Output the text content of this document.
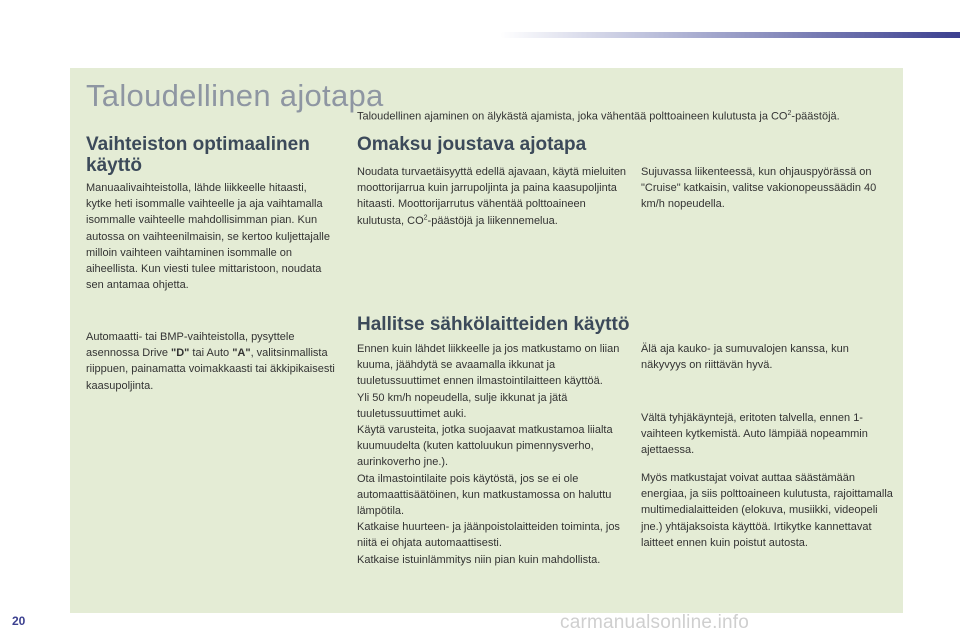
Taloudellinen ajotapa
Taloudellinen ajaminen on älykästä ajamista, joka vähentää polttoaineen kulutusta ja $CO^2$-päästöjä.
Vaihteiston optimaalinen käyttö
Manuaalivaihteistolla, lähde liikkeelle hitaasti, kytke heti isommalle vaihteelle ja aja vaihtamalla isommalle vaihteelle mahdollisimman pian. Kun autossa on vaihteenilmaisin, se kertoo kuljettajalle milloin vaihteen vaihtaminen isommalle on aiheellista. Kun viesti tulee mittaristoon, noudata sen antamaa ohjetta.
Automaatti- tai BMP-vaihteistolla, pysyttele asennossa Drive "D" tai Auto "A", valitsinmallista riippuen, painamatta voimakkaasti tai äkkipikaisesti kaasupoljinta.
Omaksu joustava ajotapa
Noudata turvaetäisyyttä edellä ajavaan, käytä mieluiten moottorijarrua kuin jarrupoljinta ja paina kaasupoljinta hitaasti. Moottorijarrutus vähentää polttoaineen kulutusta, $CO^2$-päästöjä ja liikennemelua.
Sujuvassa liikenteessä, kun ohjauspyörässä on "Cruise" katkaisin, valitse vakionopeussäädin 40 km/h nopeudella.
Hallitse sähkölaitteiden käyttö
Ennen kuin lähdet liikkeelle ja jos matkustamo on liian kuuma, jäähdytä se avaamalla ikkunat ja tuuletussuuttimet ennen ilmastointilaitteen käyttöä.
Yli 50 km/h nopeudella, sulje ikkunat ja jätä tuuletussuuttimet auki.
Käytä varusteita, jotka suojaavat matkustamoa liialta kuumuudelta (kuten kattoluukun pimennysverho, aurinkoverho jne.).
Ota ilmastointilaite pois käytöstä, jos se ei ole automaattisäätöinen, kun matkustamossa on haluttu lämpötila.
Katkaise huurteen- ja jäänpoistolaitteiden toiminta, jos niitä ei ohjata automaattisesti.
Katkaise istuinlämmitys niin pian kuin mahdollista.
Älä aja kauko- ja sumuvalojen kanssa, kun näkyvyys on riittävän hyvä.
Vältä tyhjäkäyntejä, eritoten talvella, ennen 1-vaihteen kytkemistä. Auto lämpiää nopeammin ajettaessa.
Myös matkustajat voivat auttaa säästämään energiaa, ja siis polttoaineen kulutusta, rajoittamalla multimedialaitteiden (elokuva, musiikki, videopeli jne.) yhtäjaksoista käyttöä. Irtikytke kannettavat laitteet ennen kuin poistut autosta.
20	carmanualsonline.info
